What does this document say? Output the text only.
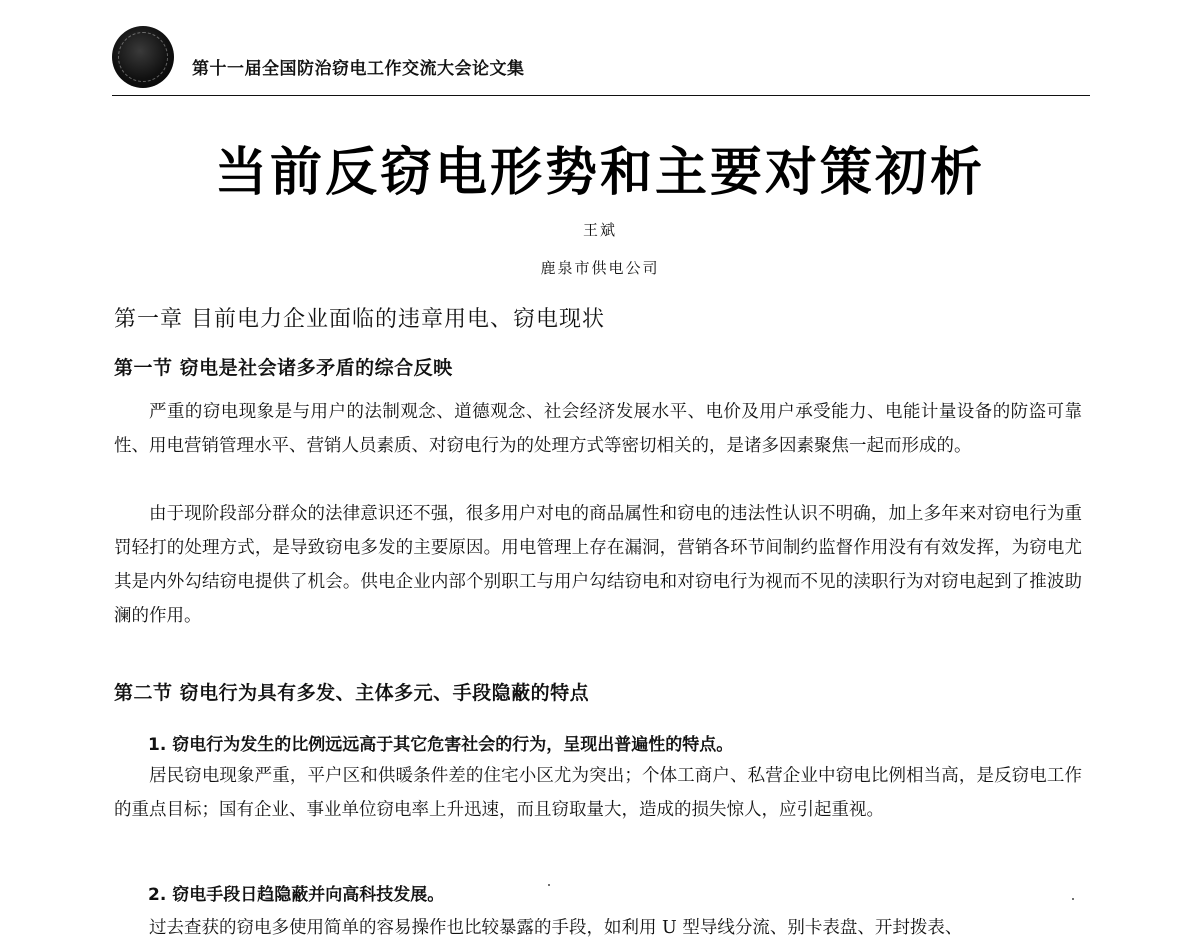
第十一届全国防治窃电工作交流大会论文集
当前反窃电形势和主要对策初析
王斌
鹿泉市供电公司
第一章 目前电力企业面临的违章用电、窃电现状
第一节 窃电是社会诸多矛盾的综合反映

严重的窃电现象是与用户的法制观念、道德观念、社会经济发展水平、电价及用户承受能力、电能计量设备的防盗可靠性、用电营销管理水平、营销人员素质、对窃电行为的处理方式等密切相关的，是诸多因素聚焦一起而形成的。

由于现阶段部分群众的法律意识还不强，很多用户对电的商品属性和窃电的违法性认识不明确，加上多年来对窃电行为重罚轻打的处理方式，是导致窃电多发的主要原因。用电管理上存在漏洞，营销各环节间制约监督作用没有有效发挥，为窃电尤其是内外勾结窃电提供了机会。供电企业内部个别职工与用户勾结窃电和对窃电行为视而不见的渎职行为对窃电起到了推波助澜的作用。

第二节 窃电行为具有多发、主体多元、手段隐蔽的特点
1. 窃电行为发生的比例远远高于其它危害社会的行为，呈现出普遍性的特点。

居民窃电现象严重，平户区和供暖条件差的住宅小区尤为突出；个体工商户、私营企业中窃电比例相当高，是反窃电工作的重点目标；国有企业、事业单位窃电率上升迅速，而且窃取量大，造成的损失惊人，应引起重视。

2. 窃电手段日趋隐蔽并向高科技发展。

过去查获的窃电多使用简单的容易操作也比较暴露的手段，如利用 U 型导线分流、别卡表盘、开封拨表、
